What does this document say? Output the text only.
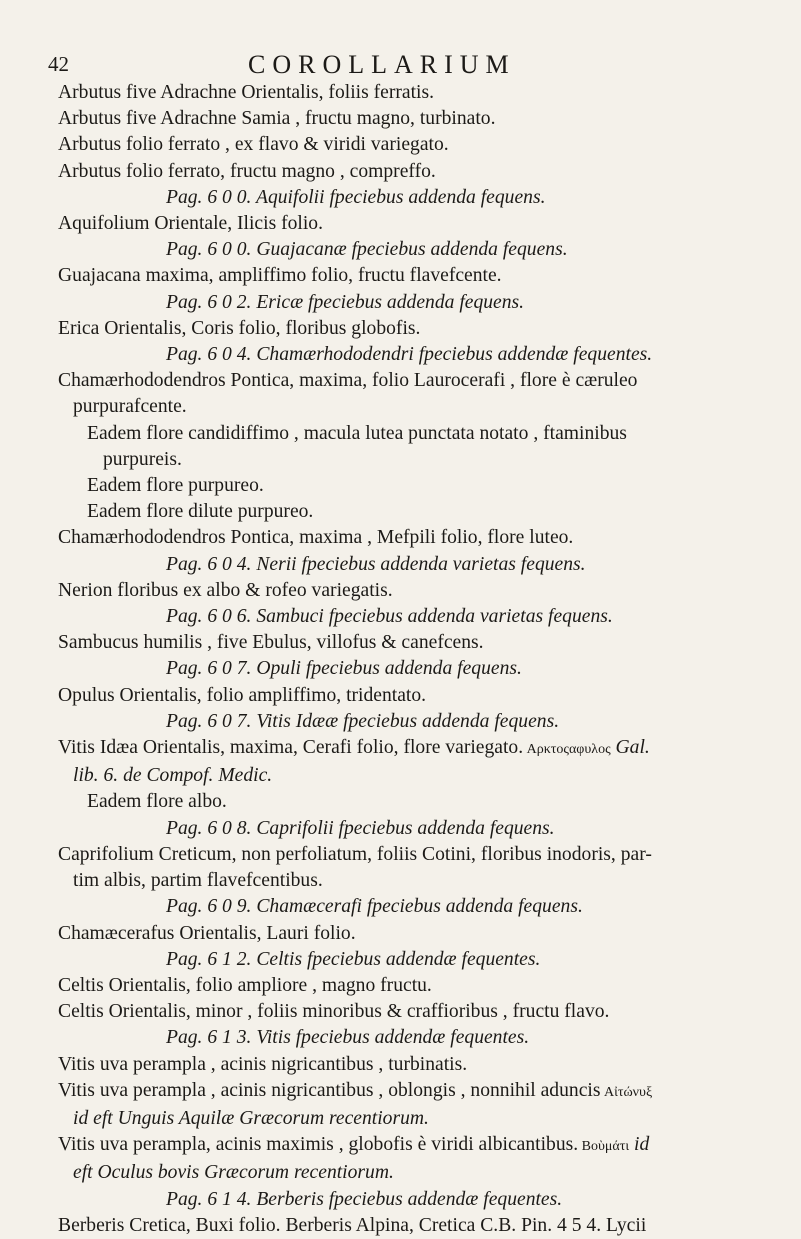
42	COROLLARIUM
Arbutus five Adrachne Orientalis, foliis ferratis.
Arbutus five Adrachne Samia , fructu magno, turbinato.
Arbutus folio ferrato , ex flavo & viridi variegato.
Arbutus folio ferrato, fructu magno , compreffo.
Pag. 6 0 0. Aquifolii fpeciebus addenda fequens.
Aquifolium Orientale, Ilicis folio.
Pag. 6 0 0. Guajacanæ fpeciebus addenda fequens.
Guajacana maxima, ampliffimo folio, fructu flavefcente.
Pag. 6 0 2. Ericæ fpeciebus addenda fequens.
Erica Orientalis, Coris folio, floribus globofis.
Pag. 6 0 4. Chamærhododendri fpeciebus addendæ fequentes.
Chamærhododendros Pontica, maxima, folio Laurocerafi , flore è cæruleo
purpurafcente.
Eadem flore candidiffimo , macula lutea punctata notato , ftaminibus
purpureis.
Eadem flore purpureo.
Eadem flore dilute purpureo.
Chamærhododendros Pontica, maxima , Mefpili folio, flore luteo.
Pag. 6 0 4. Nerii fpeciebus addenda varietas fequens.
Nerion floribus ex albo & rofeo variegatis.
Pag. 6 0 6. Sambuci fpeciebus addenda varietas fequens.
Sambucus humilis , five Ebulus, villofus & canefcens.
Pag. 6 0 7. Opuli fpeciebus addenda fequens.
Opulus Orientalis, folio ampliffimo, tridentato.
Pag. 6 0 7. Vitis Idææ fpeciebus addenda fequens.
Vitis Idæa Orientalis, maxima, Cerafi folio, flore variegato. Αρκτοςαφυλος Gal.
lib. 6. de Compof. Medic.
Eadem flore albo.
Pag. 6 0 8. Caprifolii fpeciebus addenda fequens.
Caprifolium Creticum, non perfoliatum, foliis Cotini, floribus inodoris, par-
tim albis, partim flavefcentibus.
Pag. 6 0 9. Chamæcerafi fpeciebus addenda fequens.
Chamæcerafus Orientalis, Lauri folio.
Pag. 6 1 2. Celtis fpeciebus addendæ fequentes.
Celtis Orientalis, folio ampliore , magno fructu.
Celtis Orientalis, minor , foliis minoribus & craffioribus , fructu flavo.
Pag. 6 1 3. Vitis fpeciebus addendæ fequentes.
Vitis uva perampla , acinis nigricantibus , turbinatis.
Vitis uva perampla , acinis nigricantibus , oblongis , nonnihil aduncis Αἰτώνυξ
id eft Unguis Aquilæ Græcorum recentiorum.
Vitis uva perampla, acinis maximis , globofis è viridi albicantibus. Βοὺμάτι id
eft Oculus bovis Græcorum recentiorum.
Pag. 6 1 4. Berberis fpeciebus addendæ fequentes.
Berberis Cretica, Buxi folio. Berberis Alpina, Cretica C.B. Pin. 4 5 4. Lycii
